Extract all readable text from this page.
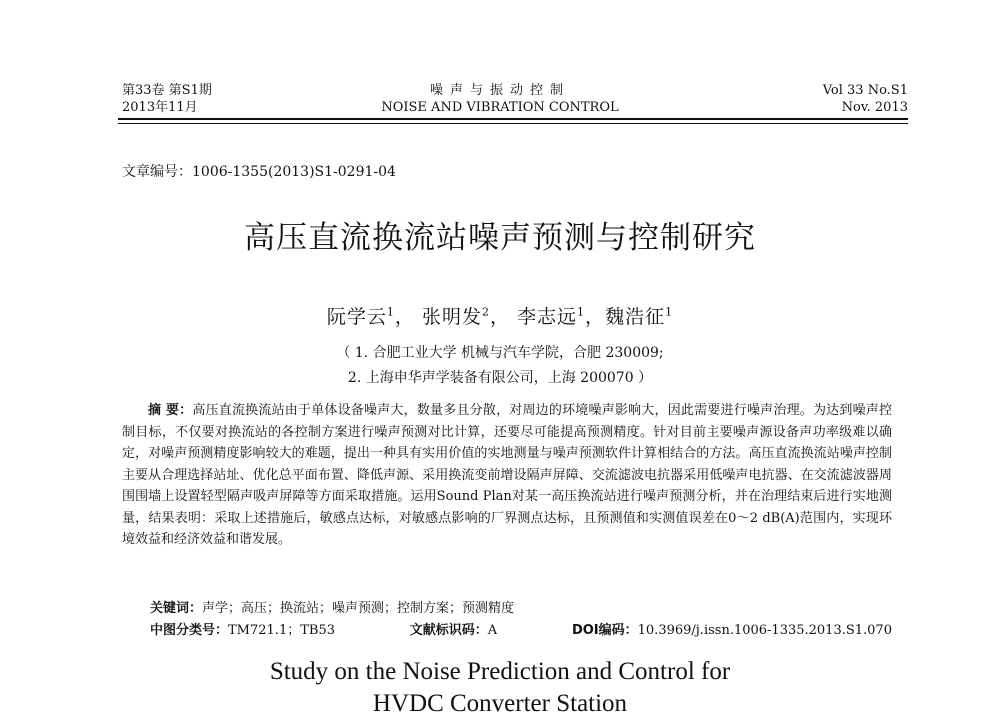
第33卷 第S1期
2013年11月
噪声与振动控制
NOISE AND VIBRATION CONTROL
Vol 33 No.S1
Nov. 2013
文章编号：1006-1355(2013)S1-0291-04
高压直流换流站噪声预测与控制研究
阮学云$^1$， 张明发$^2$， 李志远$^1$，魏浩征$^1$
（ 1. 合肥工业大学 机械与汽车学院，合肥 230009;
2. 上海申华声学装备有限公司，上海 200070 ）
摘 要：高压直流换流站由于单体设备噪声大，数量多且分散，对周边的环境噪声影响大，因此需要进行噪声治理。为达到噪声控制目标，不仅要对换流站的各控制方案进行噪声预测对比计算，还要尽可能提高预测精度。针对目前主要噪声源设备声功率级难以确定，对噪声预测精度影响较大的难题，提出一种具有实用价值的实地测量与噪声预测软件计算相结合的方法。高压直流换流站噪声控制主要从合理选择站址、优化总平面布置、降低声源、采用换流变前增设隔声屏障、交流滤波电抗器采用低噪声电抗器、在交流滤波器周围围墙上设置轻型隔声吸声屏障等方面采取措施。运用Sound Plan对某一高压换流站进行噪声预测分析，并在治理结束后进行实地测量，结果表明：采取上述措施后，敏感点达标，对敏感点影响的厂界测点达标，且预测值和实测值误差在0～2 dB(A)范围内，实现环境效益和经济效益和谐发展。
关键词：声学；高压；换流站；噪声预测；控制方案；预测精度
中图分类号：TM721.1；TB53	文献标识码：A	DOI编码：10.3969/j.issn.1006-1335.2013.S1.070
Study on the Noise Prediction and Control for
HVDC Converter Station
